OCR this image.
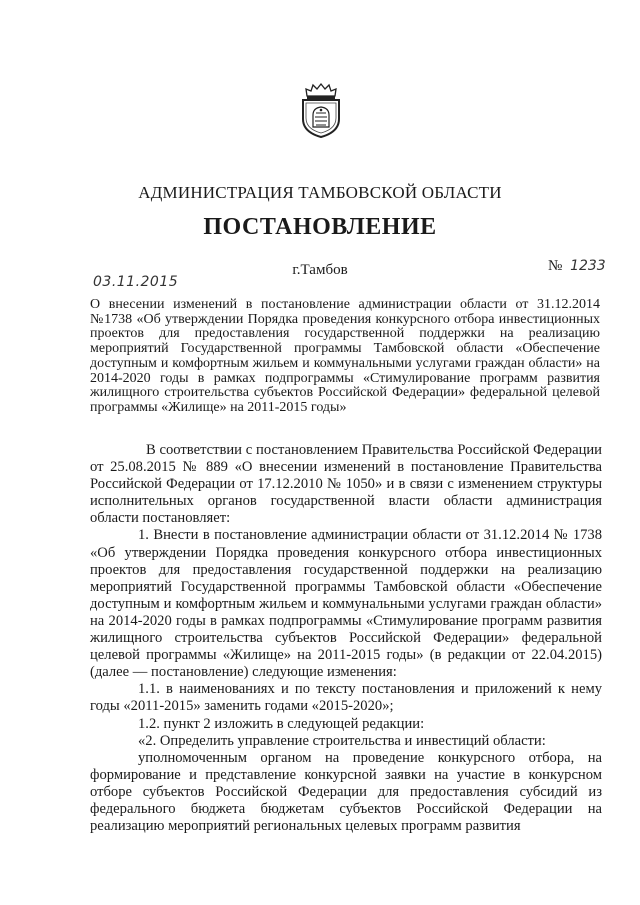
АДМИНИСТРАЦИЯ ТАМБОВСКОЙ ОБЛАСТИ
ПОСТАНОВЛЕНИЕ
г.Тамбов	№ 1233
03.11.2015
О внесении изменений в постановление администрации области от 31.12.2014 №1738 «Об утверждении Порядка проведения конкурсного отбора инвестиционных проектов для предоставления государственной поддержки на реализацию мероприятий Государственной программы Тамбовской области «Обеспечение доступным и комфортным жильем и коммунальными услугами граждан области» на 2014-2020 годы в рамках подпрограммы «Стимулирование программ развития жилищного строительства субъектов Российской Федерации» федеральной целевой программы «Жилище» на 2011-2015 годы»

В соответствии с постановлением Правительства Российской Федерации от 25.08.2015 № 889 «О внесении изменений в постановление Правительства Российской Федерации от 17.12.2010 № 1050» и в связи с изменением структуры исполнительных органов государственной власти области администрация области постановляет:

1. Внести в постановление администрации области от 31.12.2014 № 1738 «Об утверждении Порядка проведения конкурсного отбора инвестиционных проектов для предоставления государственной поддержки на реализацию мероприятий Государственной программы Тамбовской области «Обеспечение доступным и комфортным жильем и коммунальными услугами граждан области» на 2014-2020 годы в рамках подпрограммы «Стимулирование программ развития жилищного строительства субъектов Российской Федерации» федеральной целевой программы «Жилище» на 2011-2015 годы» (в редакции от 22.04.2015) (далее — постановление) следующие изменения:

1.1. в наименованиях и по тексту постановления и приложений к нему годы «2011-2015» заменить годами «2015-2020»;

1.2. пункт 2 изложить в следующей редакции:

«2. Определить управление строительства и инвестиций области:

уполномоченным органом на проведение конкурсного отбора, на формирование и представление конкурсной заявки на участие в конкурсном отборе субъектов Российской Федерации для предоставления субсидий из федерального бюджета бюджетам субъектов Российской Федерации на реализацию мероприятий региональных целевых программ развития
